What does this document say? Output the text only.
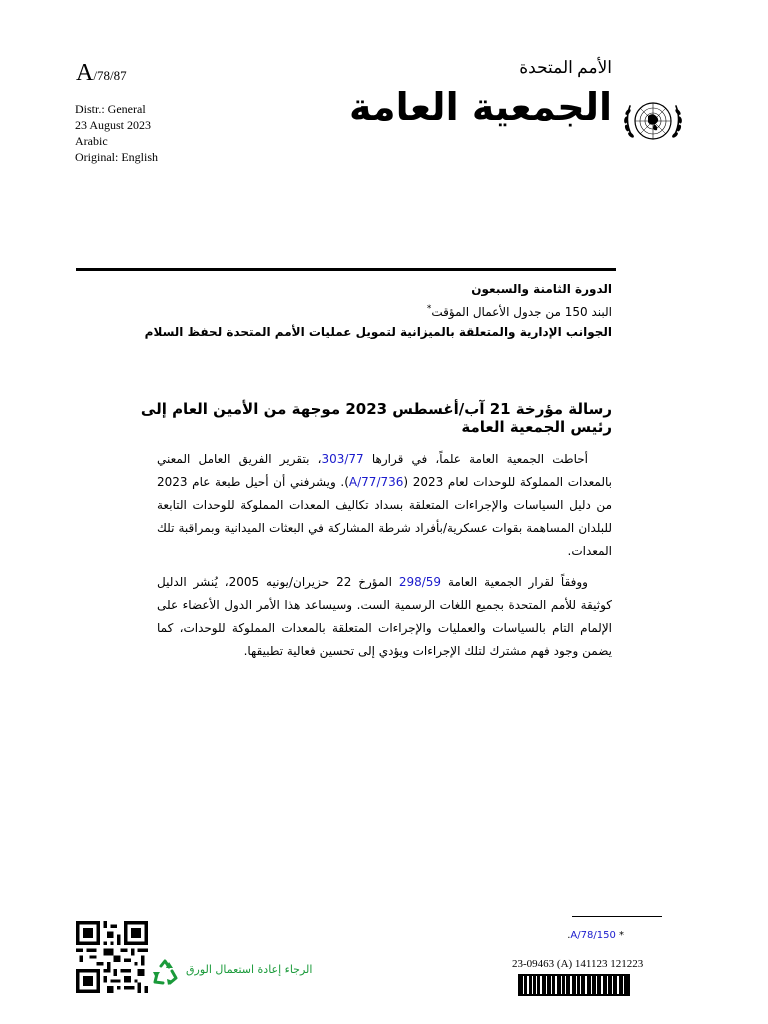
A/78/87	الأمم المتحدة
Distr.: General
23 August 2023
Arabic
Original: English
الجمعية العامة
الدورة الثامنة والسبعون
البند 150 من جدول الأعمال المؤقت*
الجوانب الإدارية والمتعلقة بالميزانية لتمويل عمليات الأمم المتحدة لحفظ السلام
رسالة مؤرخة 21 آب/أغسطس 2023 موجهة من الأمين العام إلى رئيس الجمعية العامة

أحاطت الجمعية العامة علماً، في قرارها 303/77، بتقرير الفريق العامل المعني بالمعدات المملوكة للوحدات لعام 2023 (A/77/736). ويشرفني أن أحيل طبعة عام 2023 من دليل السياسات والإجراءات المتعلقة بسداد تكاليف المعدات المملوكة للوحدات التابعة للبلدان المساهمة بقوات عسكرية/بأفراد شرطة المشاركة في البعثات الميدانية وبمراقبة تلك المعدات.

ووفقاً لقرار الجمعية العامة 298/59 المؤرخ 22 حزيران/يونيه 2005، يُنشر الدليل كوثيقة للأمم المتحدة بجميع اللغات الرسمية الست. وسيساعد هذا الأمر الدول الأعضاء على الإلمام التام بالسياسات والعمليات والإجراءات المتعلقة بالمعدات المملوكة للوحدات، كما يضمن وجود فهم مشترك لتلك الإجراءات ويؤدي إلى تحسين فعالية تطبيقها.

* A/78/150.
23-09463 (A) 141123 121223
الرجاء إعادة استعمال الورق
